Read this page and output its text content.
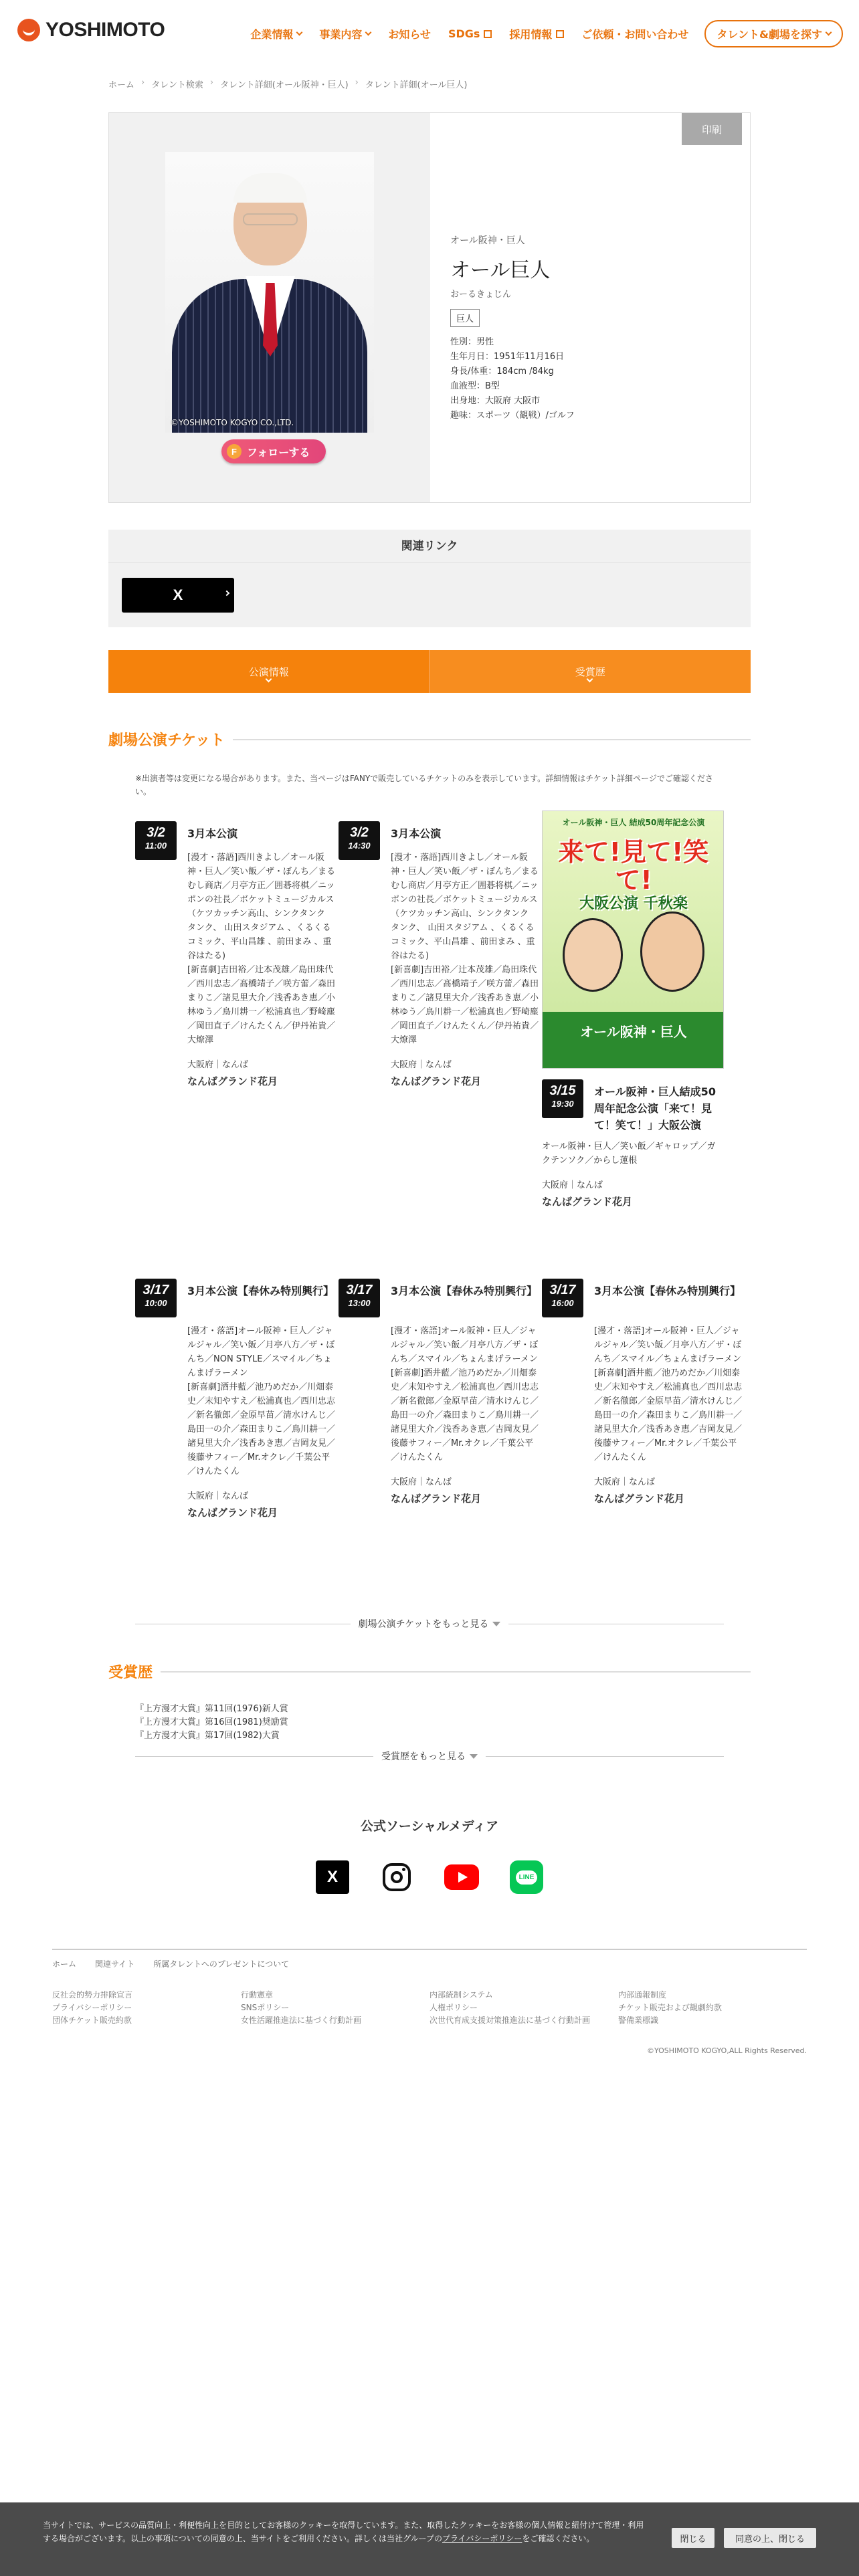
YOSHIMOTO	企業情報 事業内容 お知らせ SDGs	採用情報	ご依頼・お問い合わせ	タレント&劇場を探す
ホーム › タレント検索 › タレント詳細(オール阪神・巨人) › タレント詳細(オール巨人)
©YOSHIMOTO KOGYO CO.,LTD.
F フォローする
印刷
オール阪神・巨人
オール巨人
おーるきょじん
巨人
性別：男性
生年月日：1951年11月16日
身長/体重：184cm /84kg
血液型：B型
出身地：大阪府 大阪市
趣味：スポーツ（観戦）/ゴルフ
関連リンク
X
公演情報	受賞歴
劇場公演チケット
※出演者等は変更になる場合があります。また、当ページはFANYで販売しているチケットのみを表示しています。詳細情報はチケット詳細ページでご確認ください。
3/2
11:00
3月本公演
[漫才・落語]西川きよし／オール阪神・巨人／笑い飯／ザ・ぼんち／まるむし商店／月亭方正／囲碁将棋／ニッポンの社長／ボケットミュージカルス（ケツカッチン高山、シンクタンク タンク、 山田スタジアム 、くるくるコミック、平山昌雄 、前田まみ 、重谷はたる)
[新喜劇]吉田裕／辻本茂雄／島田珠代／西川忠志／髙橋靖子／咲方蕾／森田まりこ／諸見里大介／浅香あき恵／小林ゆう／鳥川耕一／松浦真也／野崎塵／岡田直子／けんたくん／伊丹祐貴／大燎澤
大阪府｜なんば
なんばグランド花月
3/2
14:30
3月本公演
[漫才・落語]西川きよし／オール阪神・巨人／笑い飯／ザ・ぼんち／まるむし商店／月亭方正／囲碁将棋／ニッポンの社長／ボケットミュージカルス（ケツカッチン高山、シンクタンク タンク、 山田スタジアム 、くるくるコミック、平山昌雄 、前田まみ 、重谷はたる)
[新喜劇]吉田裕／辻本茂雄／島田珠代／西川忠志／髙橋靖子／咲方蕾／森田まりこ／諸見里大介／浅香あき恵／小林ゆう／鳥川耕一／松浦真也／野崎塵／岡田直子／けんたくん／伊丹祐貴／大燎澤
大阪府｜なんば
なんばグランド花月
オール阪神・巨人 結成50周年記念公演
来て!見て!笑て!
大阪公演 千秋楽
オール阪神・巨人
3/15
19:30
オール阪神・巨人結成50周年記念公演「来て！見て！笑て！」大阪公演
オール阪神・巨人／笑い飯／ギャロップ／ガクテンソク／からし蓮根
大阪府｜なんば
なんばグランド花月
3/17
10:00
3月本公演【春休み特別興行】
[漫才・落語]オール阪神・巨人／ジャルジャル／笑い飯／月亭八方／ザ・ぼんち／NON STYLE／スマイル／ちょんまげラーメン
[新喜劇]酒井藍／池乃めだか／川畑泰史／末知やすえ／松浦真也／西川忠志／新名徹郎／金原早苗／清水けんじ／島田一の介／森田まりこ／鳥川耕一／諸見里大介／浅香あき恵／吉岡友見／後藤サフィー／Mr.オクレ／千葉公平／けんたくん
大阪府｜なんば
なんばグランド花月
3/17
13:00
3月本公演【春休み特別興行】
[漫才・落語]オール阪神・巨人／ジャルジャル／笑い飯／月亭八方／ザ・ぼんち／スマイル／ちょんまげラーメン
[新喜劇]酒井藍／池乃めだか／川畑泰史／末知やすえ／松浦真也／西川忠志／新名徹郎／金原早苗／清水けんじ／島田一の介／森田まりこ／鳥川耕一／諸見里大介／浅香あき恵／吉岡友見／後藤サフィー／Mr.オクレ／千葉公平／けんたくん
大阪府｜なんば
なんばグランド花月
3/17
16:00
3月本公演【春休み特別興行】
[漫才・落語]オール阪神・巨人／ジャルジャル／笑い飯／月亭八方／ザ・ぼんち／スマイル／ちょんまげラーメン
[新喜劇]酒井藍／池乃めだか／川畑泰史／末知やすえ／松浦真也／西川忠志／新名徹郎／金原早苗／清水けんじ／島田一の介／森田まりこ／鳥川耕一／諸見里大介／浅香あき恵／吉岡友見／後藤サフィー／Mr.オクレ／千葉公平／けんたくん
大阪府｜なんば
なんばグランド花月
劇場公演チケットをもっと見る
受賞歴
『上方漫才大賞』第11回(1976)新人賞
『上方漫才大賞』第16回(1981)奨励賞
『上方漫才大賞』第17回(1982)大賞
受賞歴をもっと見る
公式ソーシャルメディア
X	LINE
ホーム 関連サイト 所属タレントへのプレゼントについて
反社会的勢力排除宣言
プライバシーポリシー
団体チケット販売約款
行動憲章
SNSポリシー
女性活躍推進法に基づく行動計画
内部統制システム
人権ポリシー
次世代育成支援対策推進法に基づく行動計画
内部通報制度
チケット販売および観劇約款
警備業標識
©YOSHIMOTO KOGYO,ALL Rights Reserved.
当サイトでは、サービスの品質向上・利便性向上を目的としてお客様のクッキーを取得しています。また、取得したクッキーをお客様の個人情報と紐付けて管理・利用する場合がございます。以上の事項についての同意の上、当サイトをご利用ください。詳しくは当社グループのプライバシーポリシーをご確認ください。	閉じる	同意の上、閉じる
